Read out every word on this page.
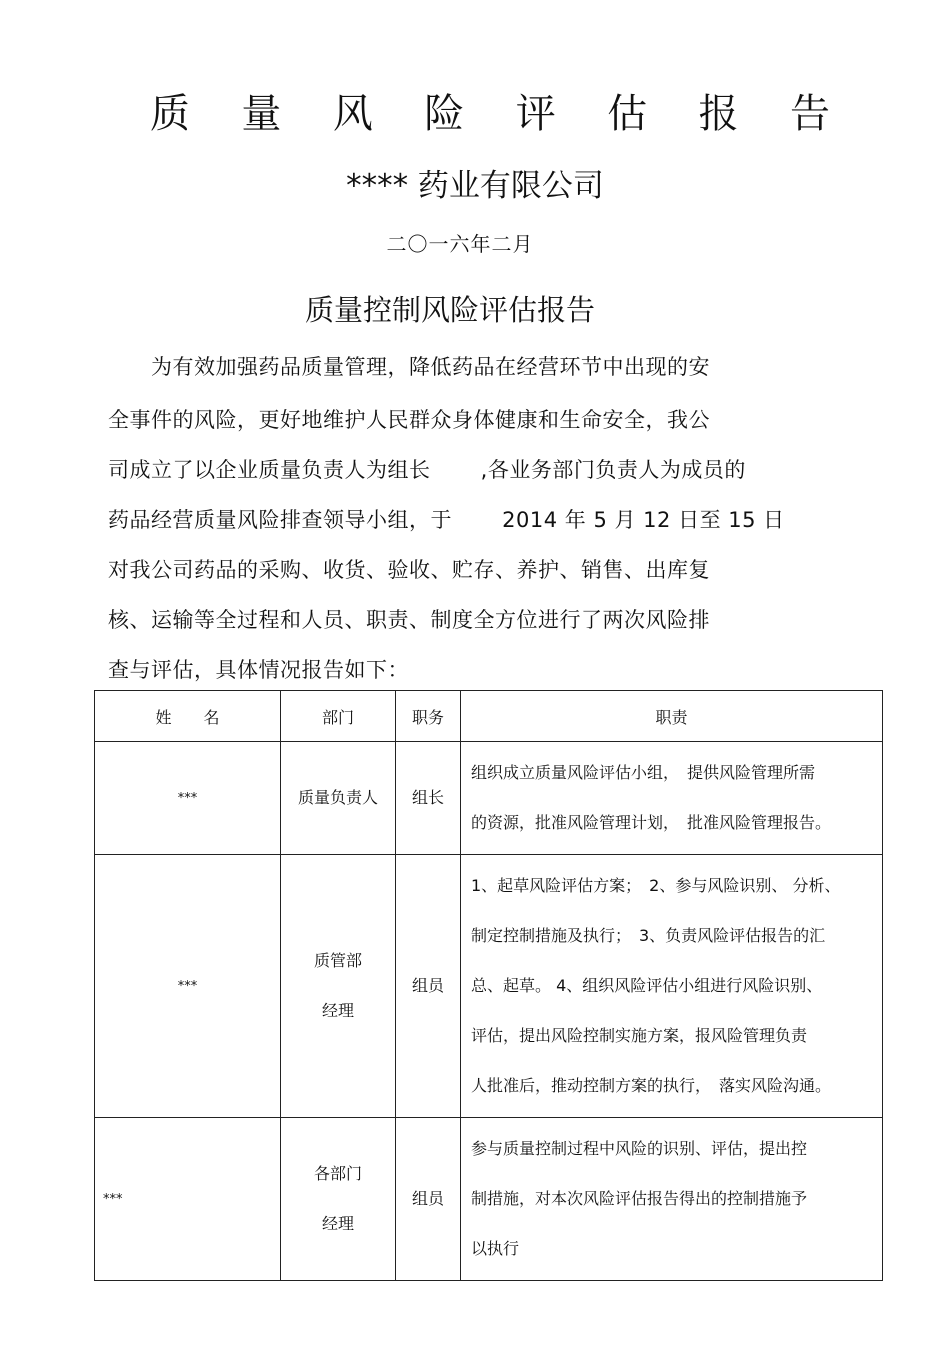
质 量 风 险 评 估 报 告
**** 药业有限公司
二〇一六年二月
质量控制风险评估报告
　　为有效加强药品质量管理，降低药品在经营环节中出现的安
全事件的风险，更好地维护人民群众身体健康和生命安全，我公
司成立了以企业质量负责人为组长　　 ,各业务部门负责人为成员的
药品经营质量风险排查领导小组，于　　 2014 年 5 月 12 日至 15 日
对我公司药品的采购、收货、验收、贮存、养护、销售、出库复
核、运输等全过程和人员、职责、制度全方位进行了两次风险排
查与评估，具体情况报告如下：
姓　　名	部门	职务	职责
***	质量负责人	组长	组织成立质量风险评估小组，　提供风险管理所需
的资源，批准风险管理计划，　批准风险管理报告。

***	质管部
经理	组员	1、起草风险评估方案；　2、参与风险识别、 分析、
制定控制措施及执行；　3、负责风险评估报告的汇
总、起草。 4、组织风险评估小组进行风险识别、
评估，提出风险控制实施方案，报风险管理负责
人批准后，推动控制方案的执行，　落实风险沟通。

***	各部门
经理	组员	参与质量控制过程中风险的识别、评估，提出控
制措施，对本次风险评估报告得出的控制措施予
以执行
